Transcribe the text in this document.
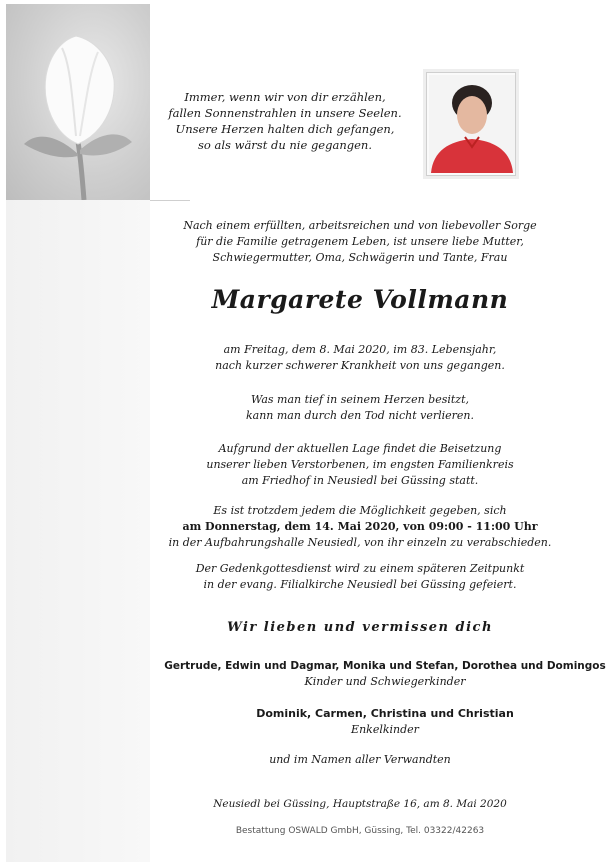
Immer, wenn wir von dir erzählen,
fallen Sonnenstrahlen in unsere Seelen.
Unsere Herzen halten dich gefangen,
so als wärst du nie gegangen.
Nach einem erfüllten, arbeitsreichen und von liebevoller Sorge
für die Familie getragenem Leben, ist unsere liebe Mutter,
Schwiegermutter, Oma, Schwägerin und Tante, Frau
Margarete Vollmann
am Freitag, dem 8. Mai 2020, im 83. Lebensjahr,
nach kurzer schwerer Krankheit von uns gegangen.
Was man tief in seinem Herzen besitzt,
kann man durch den Tod nicht verlieren.
Aufgrund der aktuellen Lage findet die Beisetzung
unserer lieben Verstorbenen, im engsten Familienkreis
am Friedhof in Neusiedl bei Güssing statt.
Es ist trotzdem jedem die Möglichkeit gegeben, sich
am Donnerstag, dem 14. Mai 2020, von 09:00 - 11:00 Uhr
in der Aufbahrungshalle Neusiedl, von ihr einzeln zu verabschieden.
Der Gedenkgottesdienst wird zu einem späteren Zeitpunkt
in der evang. Filialkirche Neusiedl bei Güssing gefeiert.
Wir lieben und vermissen dich
Gertrude, Edwin und Dagmar, Monika und Stefan, Dorothea und Domingos
Kinder und Schwiegerkinder
Dominik, Carmen, Christina und Christian
Enkelkinder
und im Namen aller Verwandten
Neusiedl bei Güssing, Hauptstraße 16, am 8. Mai 2020
Bestattung OSWALD GmbH, Güssing, Tel. 03322/42263
